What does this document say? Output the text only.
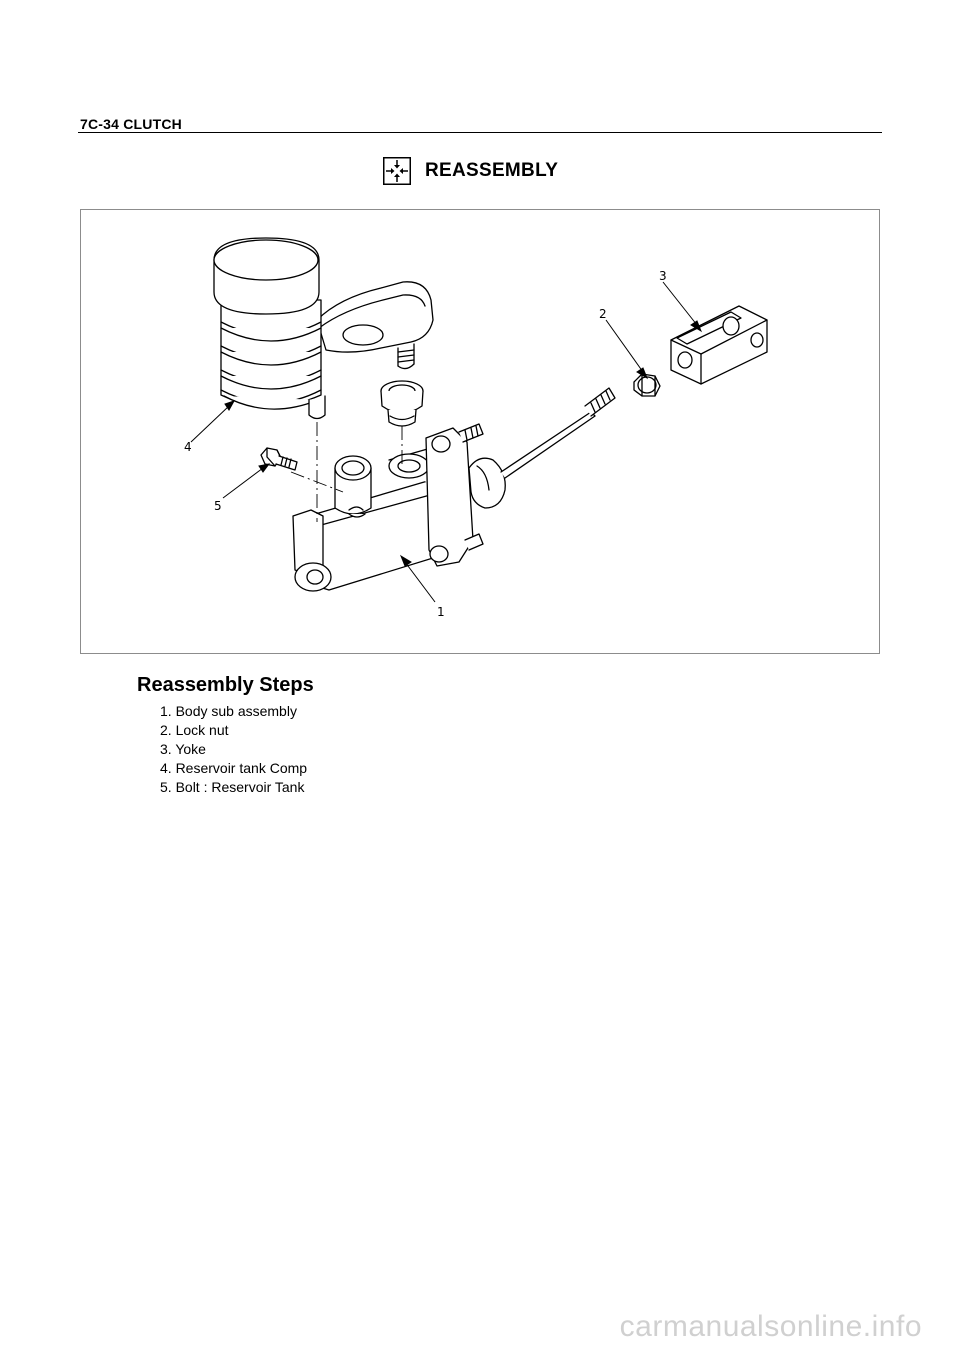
7C-34 CLUTCH
REASSEMBLY
1
2
3
4
5
Reassembly Steps
1. Body sub assembly
2. Lock nut
3. Yoke
4. Reservoir tank Comp
5. Bolt : Reservoir Tank
carmanualsonline.info
